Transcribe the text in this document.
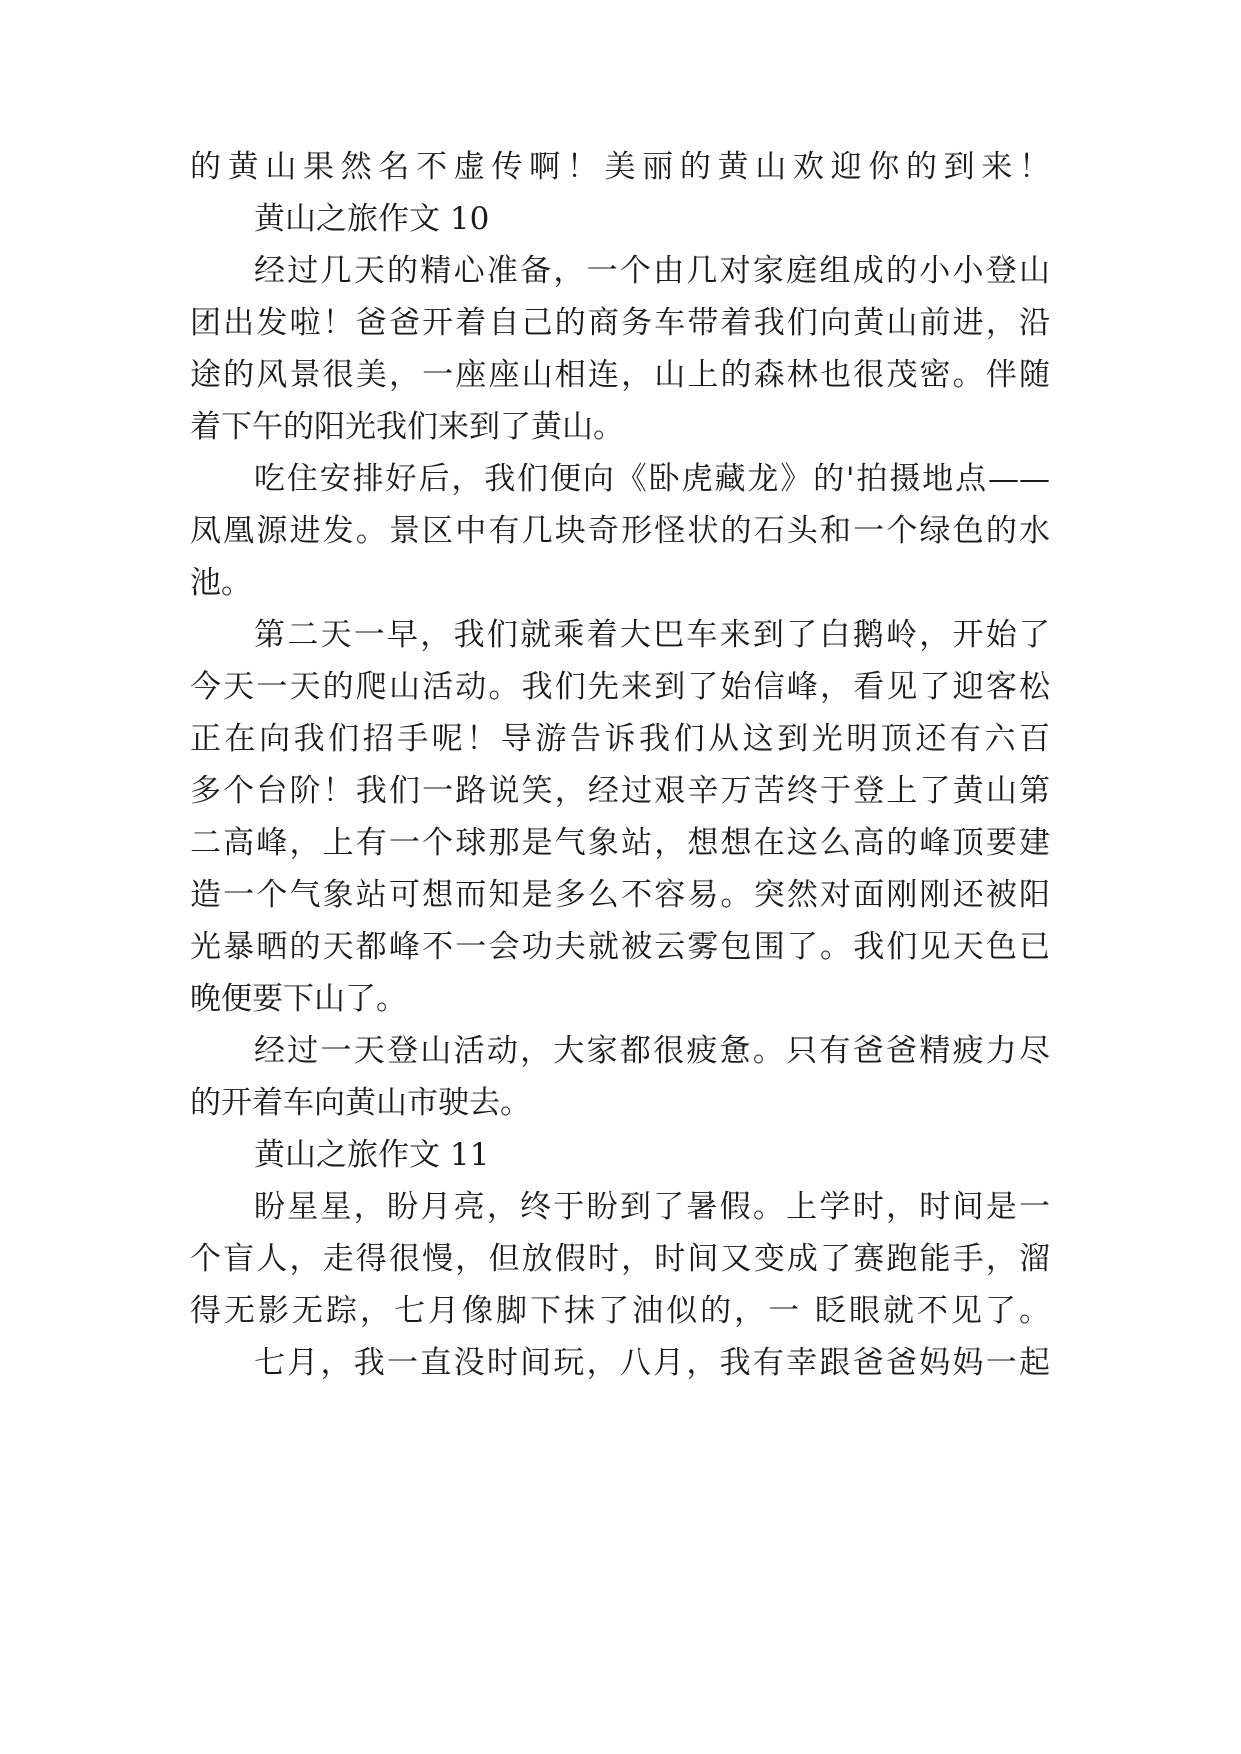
的黄山果然名不虚传啊！美丽的黄山欢迎你的到来！
黄山之旅作文 10
经过几天的精心准备，一个由几对家庭组成的小小登山
团出发啦！爸爸开着自己的商务车带着我们向黄山前进，沿
途的风景很美，一座座山相连，山上的森林也很茂密。伴随
着下午的阳光我们来到了黄山。
吃住安排好后，我们便向《卧虎藏龙》的'拍摄地点——
凤凰源进发。景区中有几块奇形怪状的石头和一个绿色的水
池。
第二天一早，我们就乘着大巴车来到了白鹅岭，开始了
今天一天的爬山活动。我们先来到了始信峰，看见了迎客松
正在向我们招手呢！导游告诉我们从这到光明顶还有六百
多个台阶！我们一路说笑，经过艰辛万苦终于登上了黄山第
二高峰，上有一个球那是气象站，想想在这么高的峰顶要建
造一个气象站可想而知是多么不容易。突然对面刚刚还被阳
光暴晒的天都峰不一会功夫就被云雾包围了。我们见天色已
晚便要下山了。
经过一天登山活动，大家都很疲惫。只有爸爸精疲力尽
的开着车向黄山市驶去。
黄山之旅作文 11
盼星星，盼月亮，终于盼到了暑假。上学时，时间是一
个盲人，走得很慢，但放假时，时间又变成了赛跑能手，溜
得无影无踪，七月像脚下抹了油似的，一 眨眼就不见了。
七月，我一直没时间玩，八月，我有幸跟爸爸妈妈一起
